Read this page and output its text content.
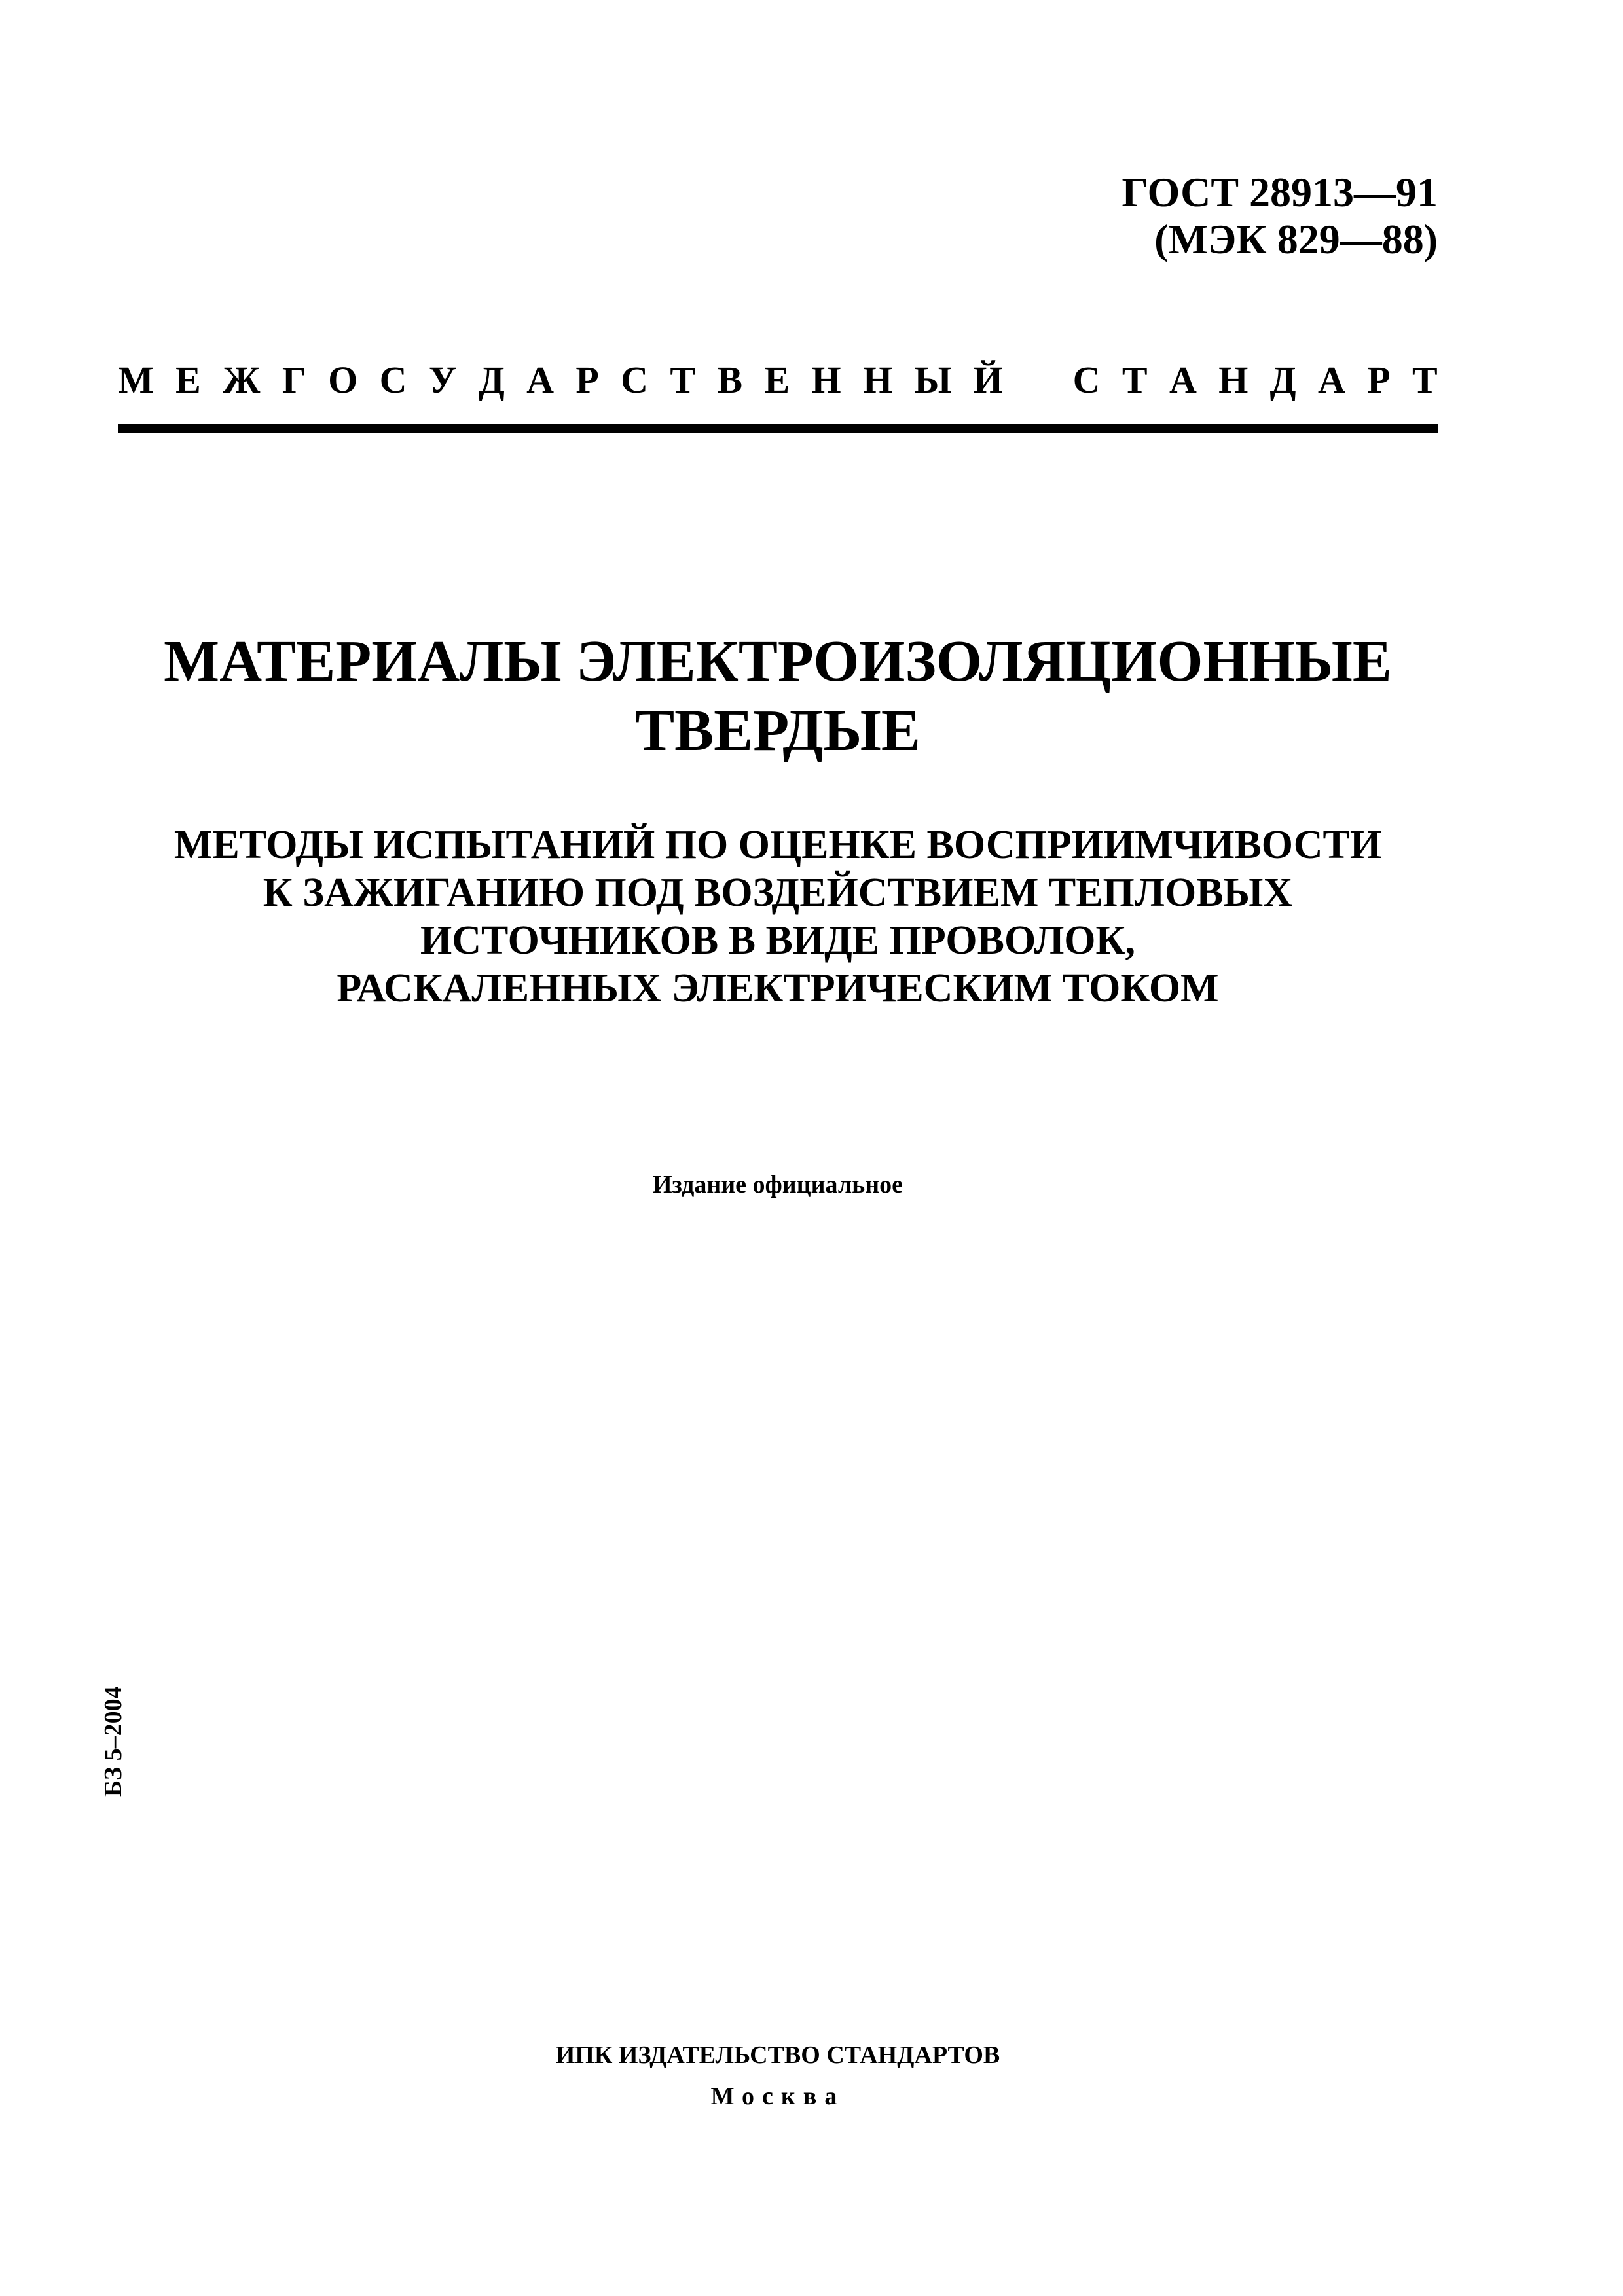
ГОСТ 28913—91
(МЭК 829—88)
М Е Ж Г О С У Д А Р С Т В Е Н Н Ы Й С Т А Н Д А Р Т
МАТЕРИАЛЫ ЭЛЕКТРОИЗОЛЯЦИОННЫЕ
ТВЕРДЫЕ
МЕТОДЫ ИСПЫТАНИЙ ПО ОЦЕНКЕ ВОСПРИИМЧИВОСТИ
К ЗАЖИГАНИЮ ПОД ВОЗДЕЙСТВИЕМ ТЕПЛОВЫХ
ИСТОЧНИКОВ В ВИДЕ ПРОВОЛОК,
РАСКАЛЕННЫХ ЭЛЕКТРИЧЕСКИМ ТОКОМ
Издание официальное
БЗ 5–2004
ИПК ИЗДАТЕЛЬСТВО СТАНДАРТОВ
Москва
